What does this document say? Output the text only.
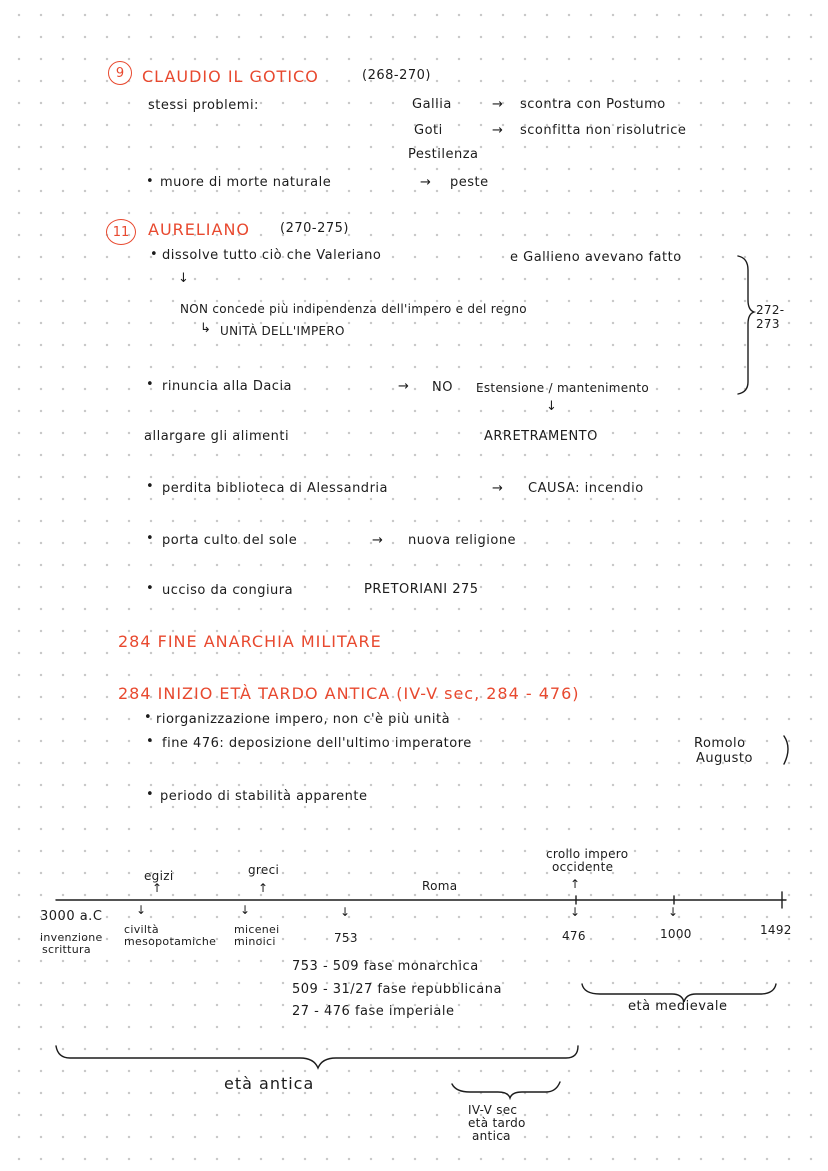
9 CLAUDIO IL GOTICO	(268-270)
stessi problemi:	Gallia	→ scontra con Postumo
Goti	→ sconfitta non risolutrice
Pestilenza
• muore di morte naturale	→ peste
11 AURELIANO (270-275)
• dissolve tutto ciò che Valeriano	e Gallieno avevano fatto
↓
NON concede più indipendenza dell'impero e del regno
↳ UNITÀ DELL'IMPERO
272-273
• rinuncia alla Dacia	→ NO Estensione / mantenimento
↓
allargare gli alimenti	ARRETRAMENTO
• perdita biblioteca di Alessandria	→ CAUSA: incendio
• porta culto del sole	→ nuova religione
• ucciso da congiura	PRETORIANI 275
284 FINE ANARCHIA MILITARE
284 INIZIO ETÀ TARDO ANTICA (IV-V sec, 284 - 476)
• riorganizzazione impero, non c'è più unità
• fine 476: deposizione dell'ultimo imperatore	Romolo
Augusto
• periodo di stabilità apparente
egizi
↑
greci
↑	Roma
crollo impero
occidente
↑
↓	↓	↓	↓	↓
3000 a.C
invenzione
scrittura
civiltà
mesopotamiche
micenei
minoici	753	476	1000	1492
753 - 509 fase monarchica
509 - 31/27 fase repubblicana
27 - 476 fase imperiale	età medievale
età antica
IV-V sec
età tardo
antica
